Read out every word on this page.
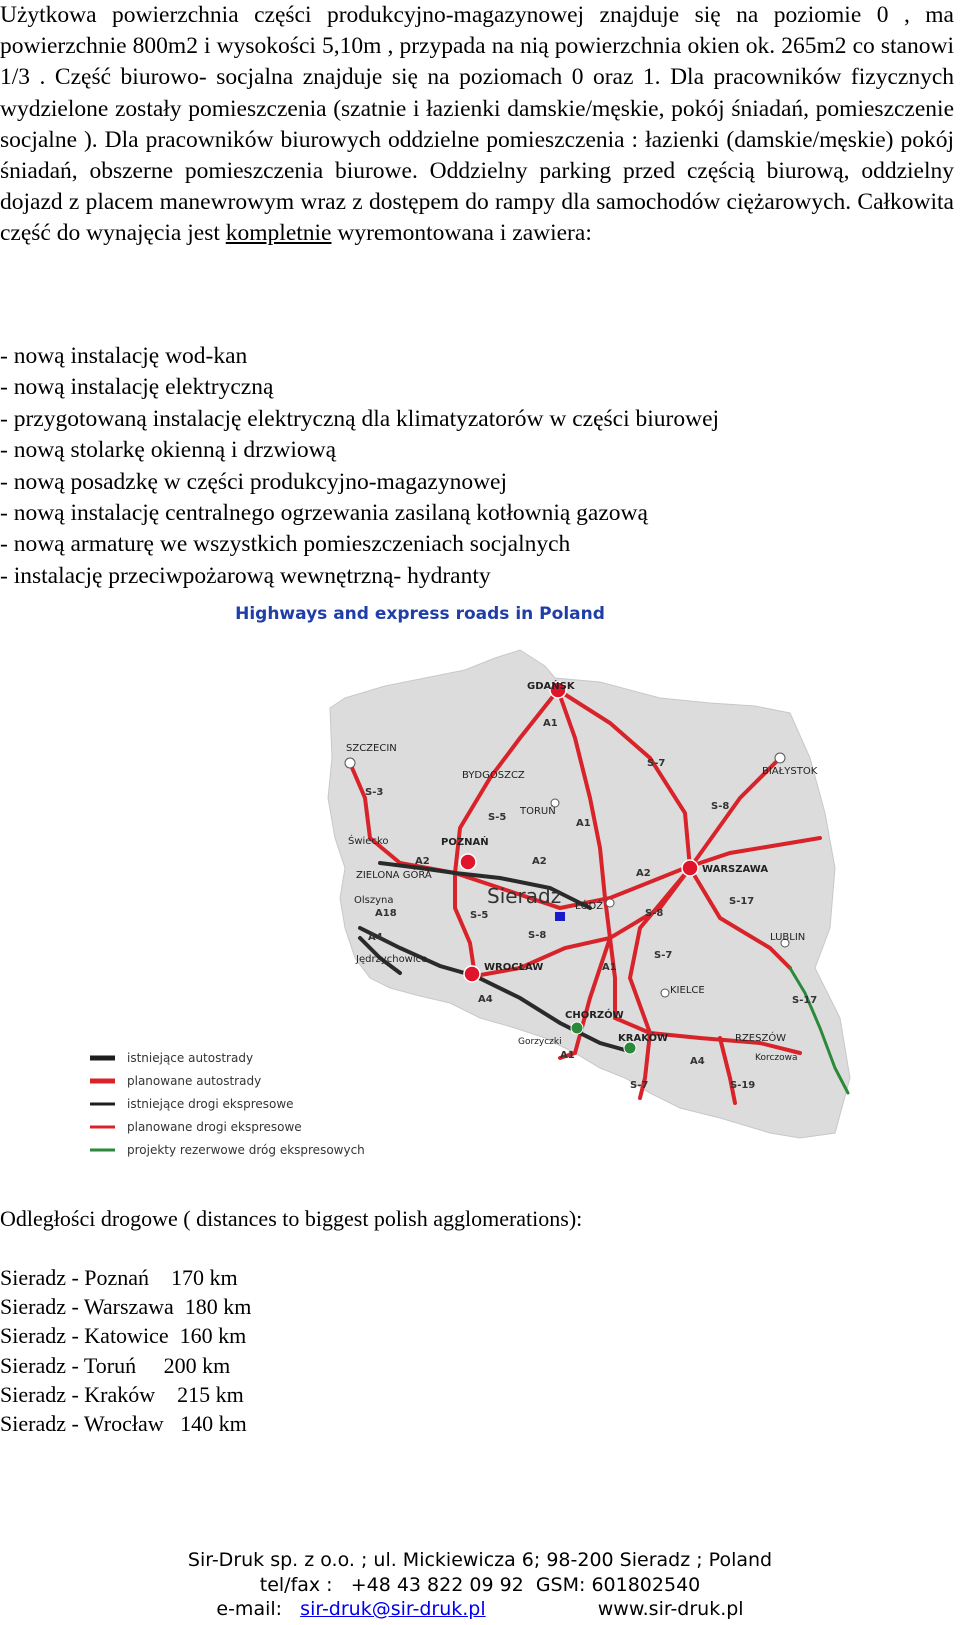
Użytkowa powierzchnia części produkcyjno-magazynowej znajduje się na poziomie 0 , ma powierzchnie 800m2 i wysokości 5,10m , przypada na nią powierzchnia okien ok. 265m2 co stanowi 1/3 . Część biurowo- socjalna znajduje się na poziomach 0 oraz 1. Dla pracowników fizycznych wydzielone zostały pomieszczenia (szatnie i łazienki damskie/męskie, pokój śniadań, pomieszczenie socjalne ). Dla pracowników biurowych oddzielne pomieszczenia : łazienki (damskie/męskie) pokój śniadań, obszerne pomieszczenia biurowe. Oddzielny parking przed częścią biurową, oddzielny dojazd z placem manewrowym wraz z dostępem do rampy dla samochodów ciężarowych. Całkowita część do wynajęcia jest kompletnie wyremontowana i zawiera:

- nową instalację wod-kan
- nową instalację elektryczną
- przygotowaną instalację elektryczną dla klimatyzatorów w części biurowej
- nową stolarkę okienną i drzwiową
- nową posadzkę w części produkcyjno-magazynowej
- nową instalację centralnego ogrzewania zasilaną kotłownią gazową
- nową armaturę we wszystkich pomieszczeniach socjalnych
- instalację przeciwpożarową wewnętrzną- hydranty
Highways and express roads in Poland
GDAŃSK
SZCZECIN
BYDGOSZCZ
TORUŃ
BIAŁYSTOK
Świecko	POZNAŃ
WARSZAWA
ZIELONA GÓRA
Olszyna
ŁÓDŹ
LUBLIN
Jędrzychowice
WROCŁAW
KIELCE
CHORZÓW
KRAKÓW	RZESZÓW
Gorzyczki
Korczowa
Sieradz
A1
S-7
S-3
S-5
S-8
A2	A2
A2
A1
S-17
A18	S-5	S-8
A4	S-8
S-7
A1
A4	S-17
A1
A4
S-7	S-19
istniejące autostrady
planowane autostrady
istniejące drogi ekspresowe
planowane drogi ekspresowe
projekty rezerwowe dróg ekspresowych

Odległości drogowe ( distances to biggest polish agglomerations):

Sieradz - Poznań    170 km
Sieradz - Warszawa  180 km
Sieradz - Katowice  160 km
Sieradz - Toruń     200 km
Sieradz - Kraków    215 km
Sieradz - Wrocław   140 km
Sir-Druk sp. z o.o. ; ul. Mickiewicza 6; 98-200 Sieradz ; Poland
tel/fax :   +48 43 822 09 92  GSM: 601802540
e-mail: sir-druk@sir-druk.pl	www.sir-druk.pl
